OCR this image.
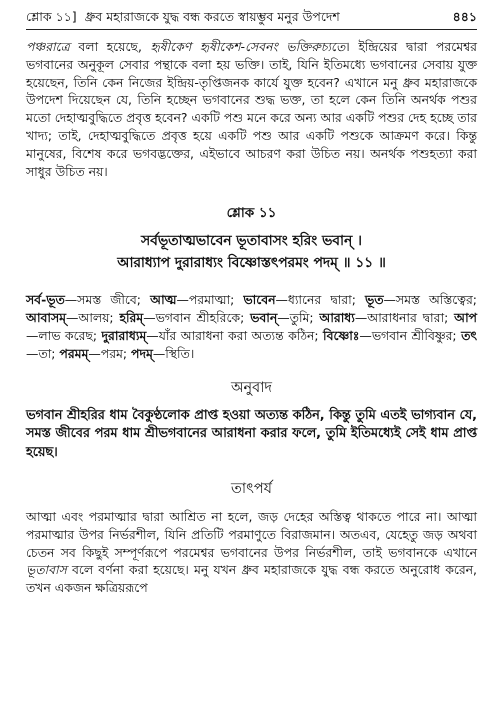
শ্লোক ১১] ধ্রুব মহারাজকে যুদ্ধ বন্ধ করতে স্বায়ম্ভুব মনুর উপদেশ	৪৪১

পঞ্চরাত্রে বলা হয়েছে, হৃষীকেণ হৃষীকেশ-সেবনং ভক্তিরুচ্যতে। ইন্দ্রিয়ের দ্বারা পরমেশ্বর ভগবানের অনুকূল সেবার পন্থাকে বলা হয় ভক্তি। তাই, যিনি ইতিমধ্যে ভগবানের সেবায় যুক্ত হয়েছেন, তিনি কেন নিজের ইন্দ্রিয়-তৃপ্তিজনক কার্যে যুক্ত হবেন? এখানে মনু ধ্রুব মহারাজকে উপদেশ দিয়েছেন যে, তিনি হচ্ছেন ভগবানের শুদ্ধ ভক্ত, তা হলে কেন তিনি অনর্থক পশুর মতো দেহাত্মবুদ্ধিতে প্রবৃত্ত হবেন? একটি পশু মনে করে অন্য আর একটি পশুর দেহ হচ্ছে তার খাদ্য; তাই, দেহাত্মবুদ্ধিতে প্রবৃত্ত হয়ে একটি পশু আর একটি পশুকে আক্রমণ করে। কিন্তু মানুষের, বিশেষ করে ভগবদ্ভক্তের, এইভাবে আচরণ করা উচিত নয়। অনর্থক পশুহত্যা করা সাধুর উচিত নয়।

শ্লোক ১১
সর্বভূতাত্মভাবেন ভূতাবাসং হরিং ভবান্ ।
আরাধ্যাপ দুরারাধ্যং বিষ্ণোস্তৎপরমং পদম্ ॥ ১১ ॥

সর্ব-ভূত—সমস্ত জীবে; আত্ম—পরমাত্মা; ভাবেন—ধ্যানের দ্বারা; ভূত—সমস্ত অস্তিত্বের; আবাসম্—আলয়; হরিম্—ভগবান শ্রীহরিকে; ভবান্—তুমি; আরাধ্য—আরাধনার দ্বারা; আপ—লাভ করেছ; দুরারাধ্যম্—যাঁর আরাধনা করা অত্যন্ত কঠিন; বিষ্ণোঃ—ভগবান শ্রীবিষ্ণুর; তৎ—তা; পরমম্—পরম; পদম্—স্থিতি।

অনুবাদ

ভগবান শ্রীহরির ধাম বৈকুণ্ঠলোক প্রাপ্ত হওয়া অত্যন্ত কঠিন, কিন্তু তুমি এতই ভাগ্যবান যে, সমস্ত জীবের পরম ধাম শ্রীভগবানের আরাধনা করার ফলে, তুমি ইতিমধ্যেই সেই ধাম প্রাপ্ত হয়েছ।

তাৎপর্য

আত্মা এবং পরমাত্মার দ্বারা আশ্রিত না হলে, জড় দেহের অস্তিত্ব থাকতে পারে না। আত্মা পরমাত্মার উপর নির্ভরশীল, যিনি প্রতিটি পরমাণুতে বিরাজমান। অতএব, যেহেতু জড় অথবা চেতন সব কিছুই সম্পূর্ণরূপে পরমেশ্বর ভগবানের উপর নির্ভরশীল, তাই ভগবানকে এখানে ভূতাবাস বলে বর্ণনা করা হয়েছে। মনু যখন ধ্রুব মহারাজকে যুদ্ধ বন্ধ করতে অনুরোধ করেন, তখন একজন ক্ষত্রিয়রূপে
